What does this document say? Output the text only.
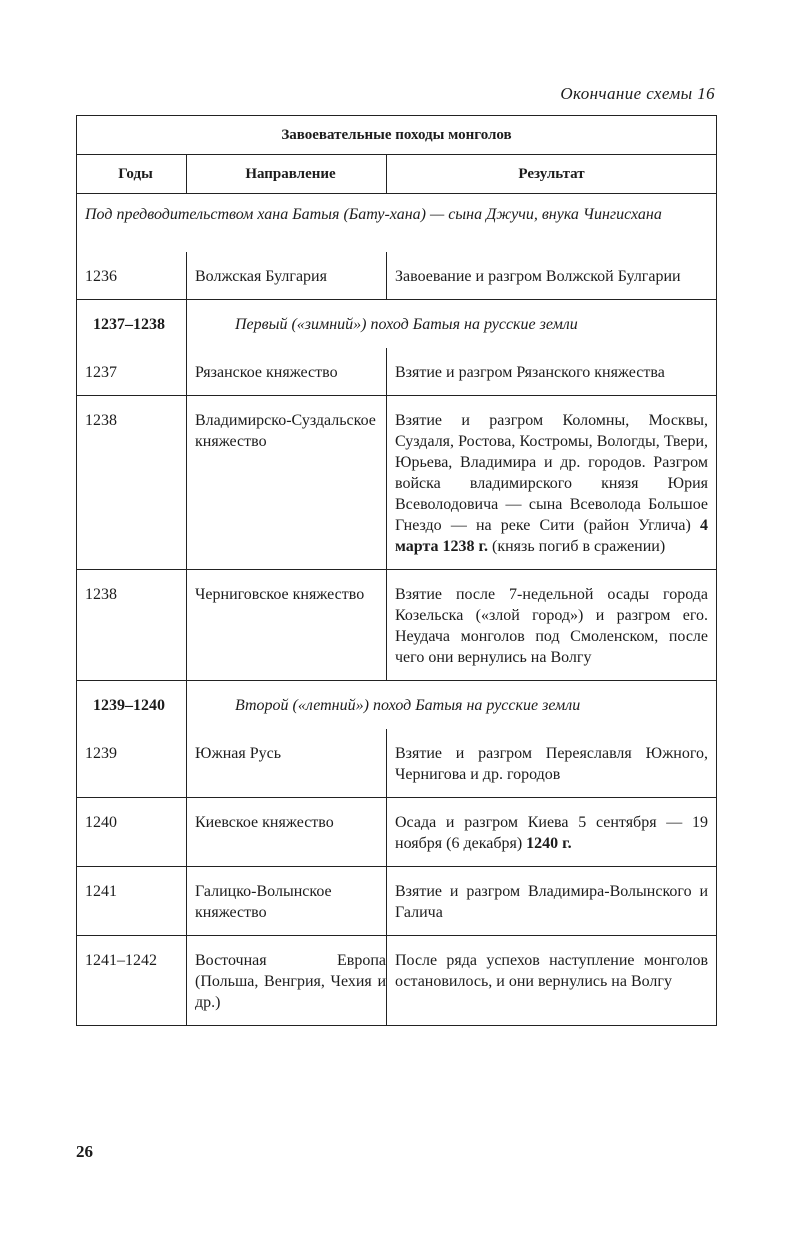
Окончание схемы 16
Завоевательные походы монголов		
Годы	Направление	Результат

Под предводительством хана Батыя (Бату-хана) — сына Джучи, внука Чингисхана		

1236	Волжская Булгария	Завоевание и разгром Волжской Булгарии

1237–1238	Первый («зимний») поход Батыя на русские земли	

1237	Рязанское княжество	Взятие и разгром Рязанского княжества
1238	Владимирско-Суздальское княжество	Взятие и разгром Коломны, Москвы, Суздаля, Ростова, Костромы, Вологды, Твери, Юрьева, Владимира и др. городов. Разгром войска владимирского князя Юрия Всеволодовича — сына Всеволода Большое Гнездо — на реке Сити (район Углича) 4 марта 1238 г. (князь погиб в сражении)
1238	Черниговское княжество	Взятие после 7-недельной осады города Козельска («злой город») и разгром его. Неудача монголов под Смоленском, после чего они вернулись на Волгу

1239–1240	Второй («летний») поход Батыя на русские земли	

1239	Южная Русь	Взятие и разгром Переяславля Южного, Чернигова и др. городов
1240	Киевское княжество	Осада и разгром Киева 5 сентября — 19 ноября (6 декабря) 1240 г.
1241	Галицко-Волынское княжество	Взятие и разгром Владимира-Волынского и Галича
1241–1242	Восточная Европа (Польша, Венгрия, Чехия и др.)	После ряда успехов наступление монголов остановилось, и они вернулись на Волгу
26
